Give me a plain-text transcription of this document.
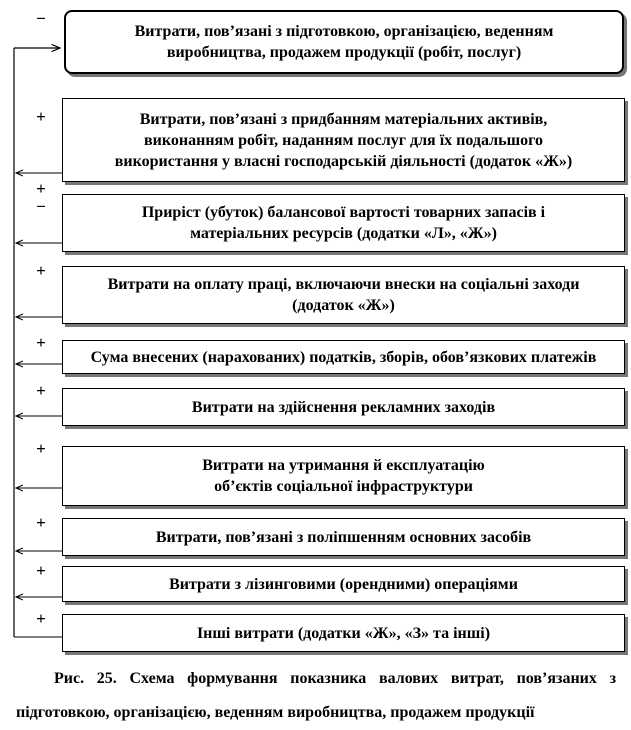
−
+
+
−
+
+
+
+
+
+
+
Витрати, пов’язані з підготовкою, організацією, веденням виробництва, продажем продукції (робіт, послуг)
Витрати, пов’язані з придбанням матеріальних активів,
виконанням робіт, наданням послуг для їх подальшого
використання у власні господарській діяльності (додаток «Ж»)
Приріст (убуток) балансової вартості товарних запасів і
матеріальних ресурсів (додатки «Л», «Ж»)
Витрати на оплату праці, включаючи внески на соціальні заходи
(додаток «Ж»)
Сума внесених (нарахованих) податків, зборів, обов’язкових платежів
Витрати на здійснення рекламних заходів
Витрати на утримання й експлуатацію
об’єктів соціальної інфраструктури
Витрати, пов’язані з поліпшенням основних засобів
Витрати з лізинговими (орендними) операціями
Інші витрати (додатки «Ж», «З» та інші)
Рис. 25. Схема формування показника валових витрат, пов’язаних з
підготовкою, організацією, веденням виробництва, продажем продукції
